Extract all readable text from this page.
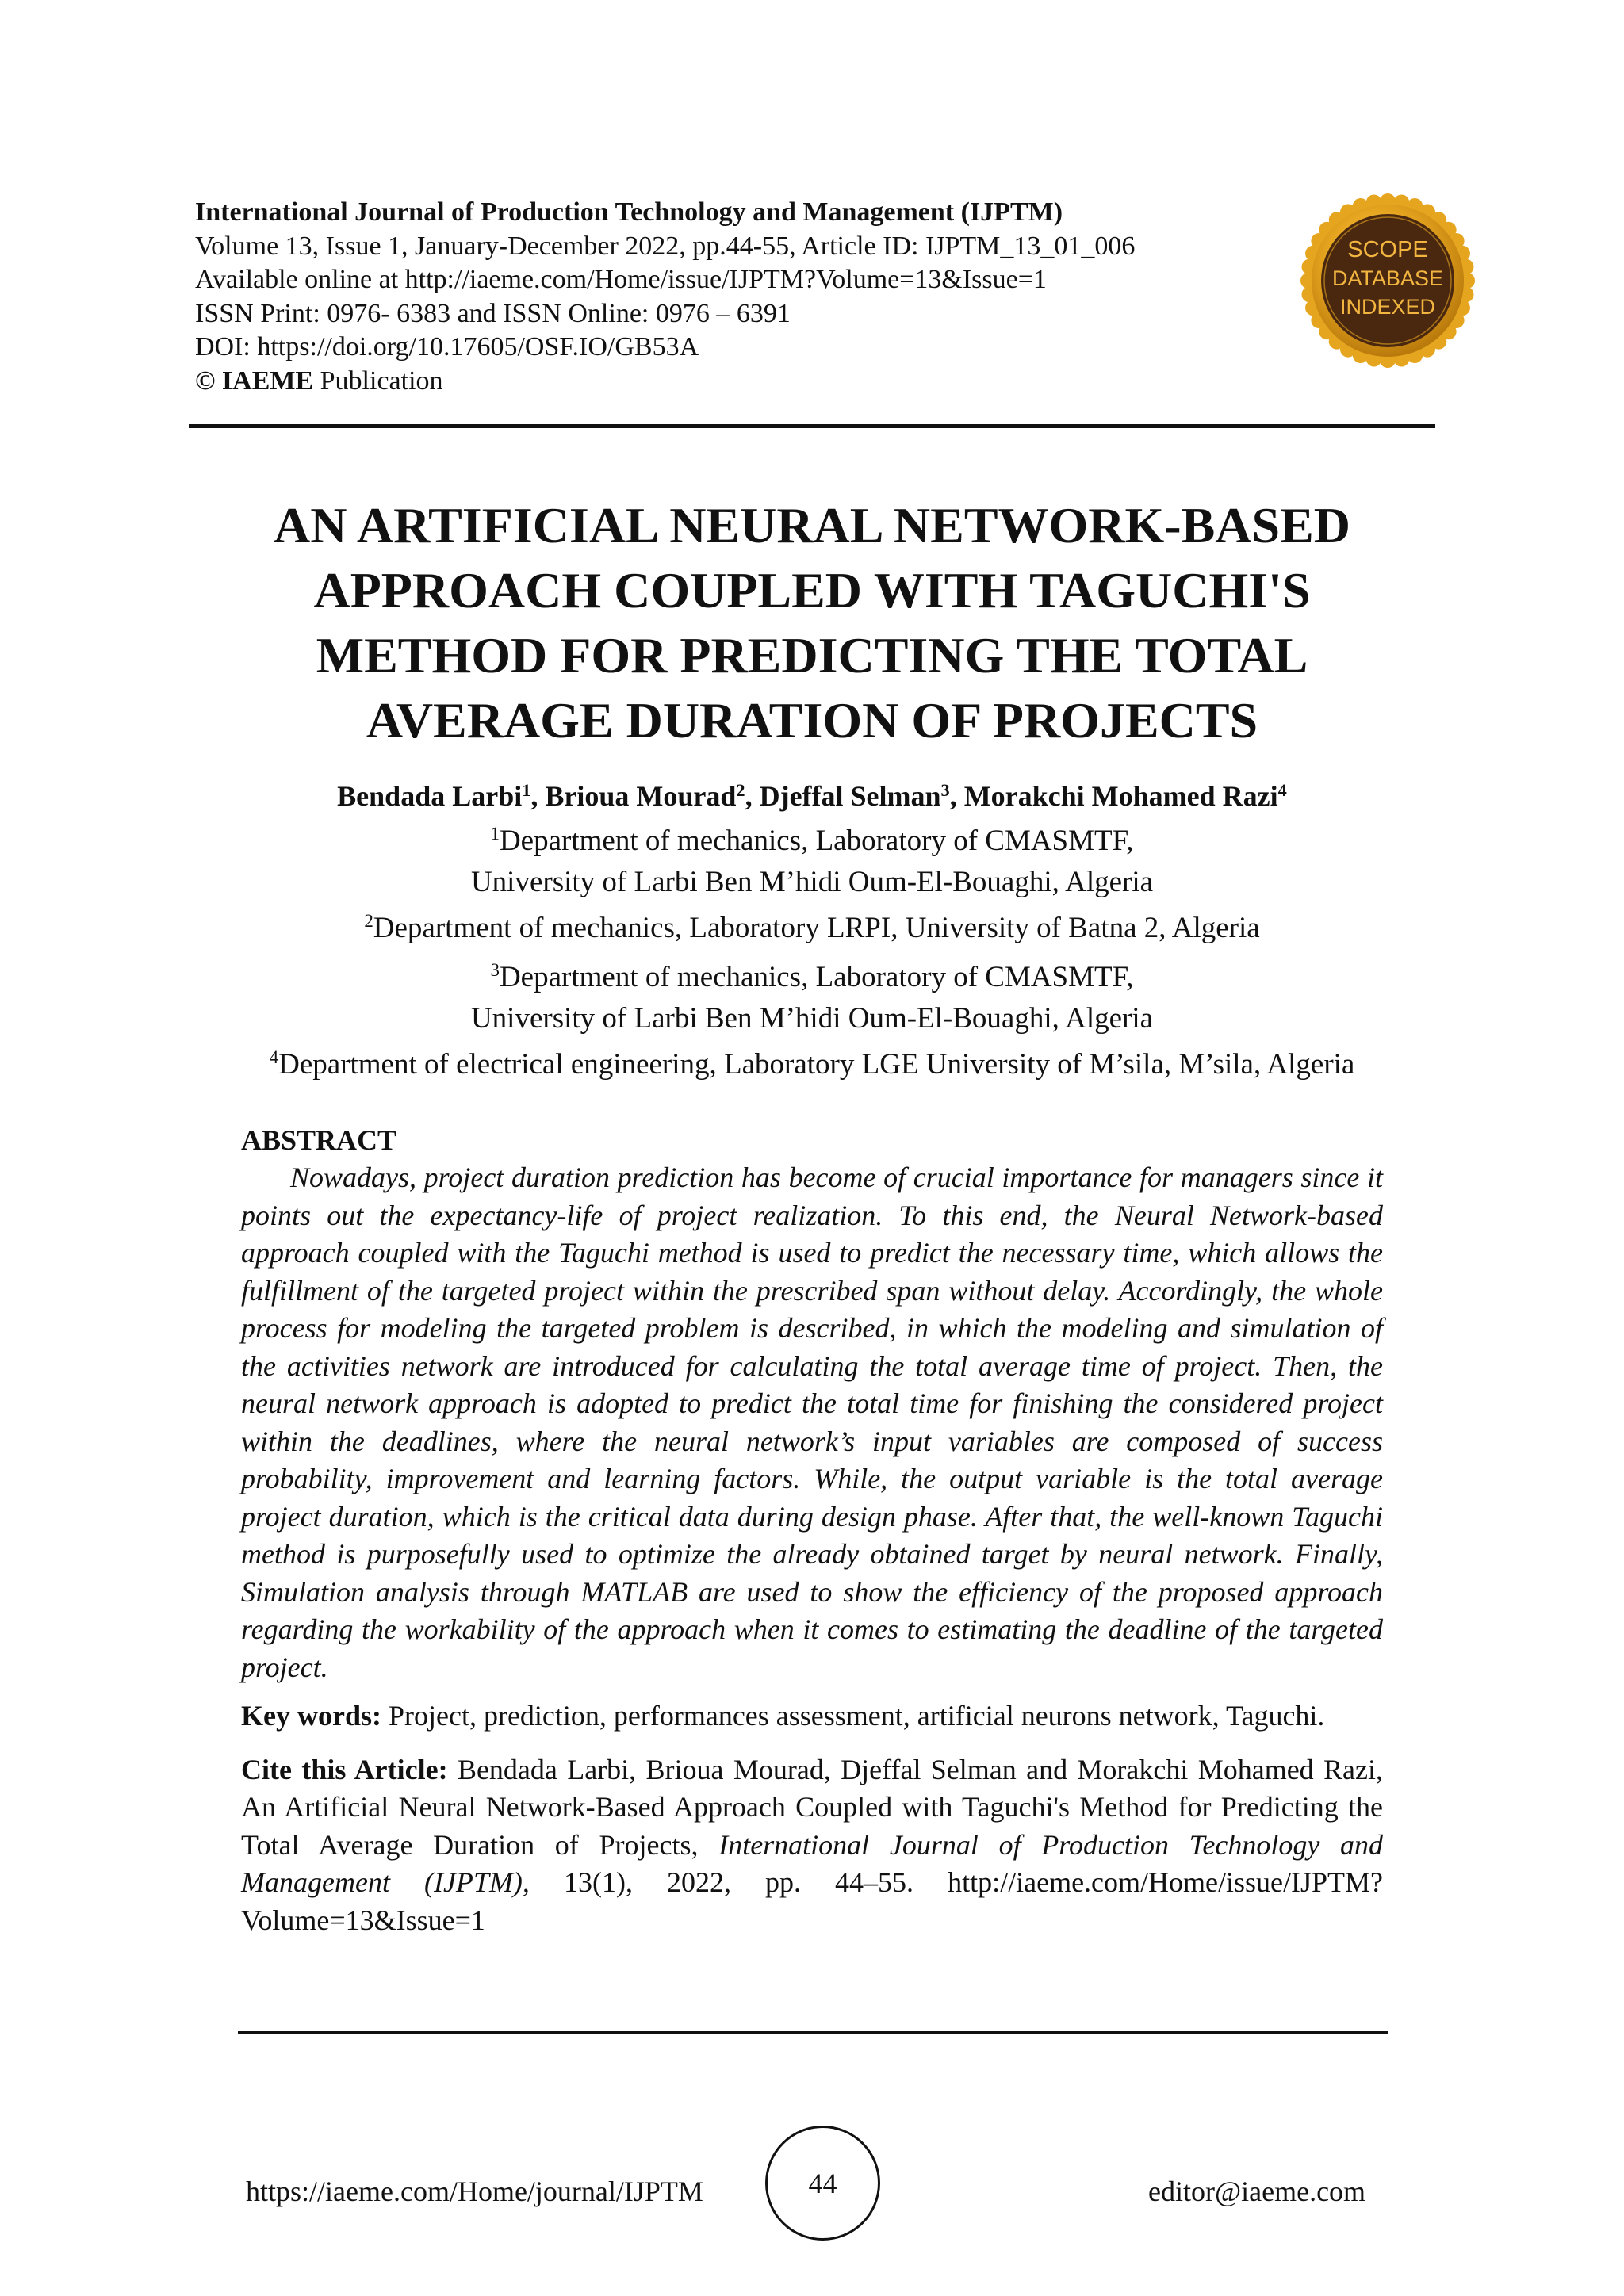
International Journal of Production Technology and Management (IJPTM)
Volume 13, Issue 1, January-December 2022, pp.44-55, Article ID: IJPTM_13_01_006
Available online at http://iaeme.com/Home/issue/IJPTM?Volume=13&Issue=1
ISSN Print: 0976- 6383 and ISSN Online: 0976 – 6391
DOI: https://doi.org/10.17605/OSF.IO/GB53A
© IAEME Publication
SCOPE
DATABASE
INDEXED
AN ARTIFICIAL NEURAL NETWORK-BASED
APPROACH COUPLED WITH TAGUCHI'S
METHOD FOR PREDICTING THE TOTAL
AVERAGE DURATION OF PROJECTS
Bendada Larbi$^1$, Brioua Mourad$^2$, Djeffal Selman$^3$, Morakchi Mohamed Razi$^4$
$^1$Department of mechanics, Laboratory of CMASMTF,
University of Larbi Ben M’hidi Oum-El-Bouaghi, Algeria
$^2$Department of mechanics, Laboratory LRPI, University of Batna 2, Algeria
$^3$Department of mechanics, Laboratory of CMASMTF,
University of Larbi Ben M’hidi Oum-El-Bouaghi, Algeria
$^4$Department of electrical engineering, Laboratory LGE University of M’sila, M’sila, Algeria
ABSTRACT

Nowadays, project duration prediction has become of crucial importance for managers since it points out the expectancy-life of project realization. To this end, the Neural Network-based approach coupled with the Taguchi method is used to predict the necessary time, which allows the fulfillment of the targeted project within the prescribed span without delay. Accordingly, the whole process for modeling the targeted problem is described, in which the modeling and simulation of the activities network are introduced for calculating the total average time of project. Then, the neural network approach is adopted to predict the total time for finishing the considered project within the deadlines, where the neural network’s input variables are composed of success probability, improvement and learning factors. While, the output variable is the total average project duration, which is the critical data during design phase. After that, the well-known Taguchi method is purposefully used to optimize the already obtained target by neural network. Finally, Simulation analysis through MATLAB are used to show the efficiency of the proposed approach regarding the workability of the approach when it comes to estimating the deadline of the targeted project.

Key words: Project, prediction, performances assessment, artificial neurons network, Taguchi.

Cite this Article: Bendada Larbi, Brioua Mourad, Djeffal Selman and Morakchi Mohamed Razi, An Artificial Neural Network-Based Approach Coupled with Taguchi's Method for Predicting the Total Average Duration of Projects, International Journal of Production Technology and Management (IJPTM), 13(1), 2022, pp. 44–55. http://iaeme.com/Home/issue/IJPTM?Volume=13&Issue=1

https://iaeme.com/Home/journal/IJPTM	44	editor@iaeme.com
